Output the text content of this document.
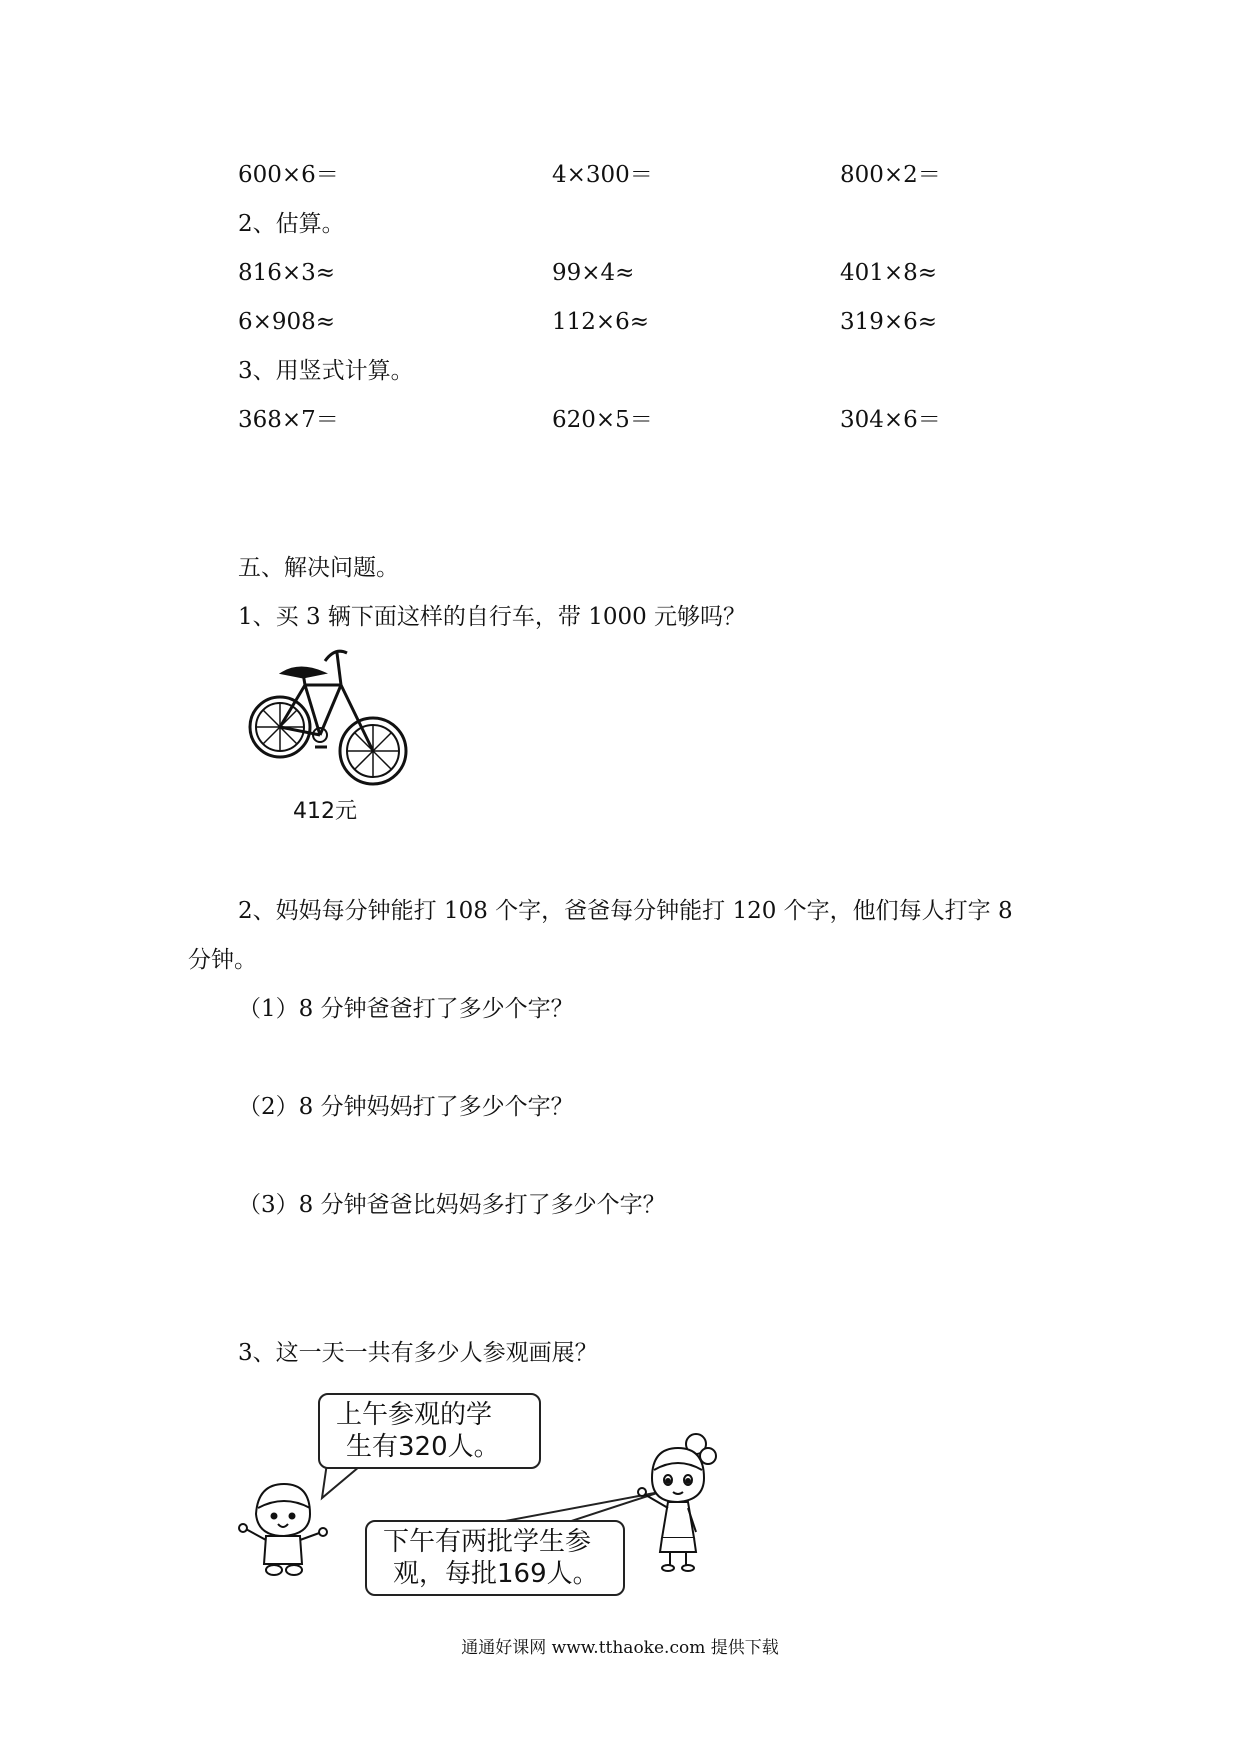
600×6＝	4×300＝	800×2＝
2、估算。
816×3≈	99×4≈	401×8≈
6×908≈	112×6≈	319×6≈
3、用竖式计算。
368×7＝	620×5＝	304×6＝
五、解决问题。
1、买 3 辆下面这样的自行车，带 1000 元够吗？
412元
2、妈妈每分钟能打 108 个字，爸爸每分钟能打 120 个字，他们每人打字 8
分钟。
（1）8 分钟爸爸打了多少个字？
（2）8 分钟妈妈打了多少个字？
（3）8 分钟爸爸比妈妈多打了多少个字？
3、这一天一共有多少人参观画展？
上午参观的学
生有320人。
下午有两批学生参
观，每批169人。
通通好课网 www.tthaoke.com 提供下载
